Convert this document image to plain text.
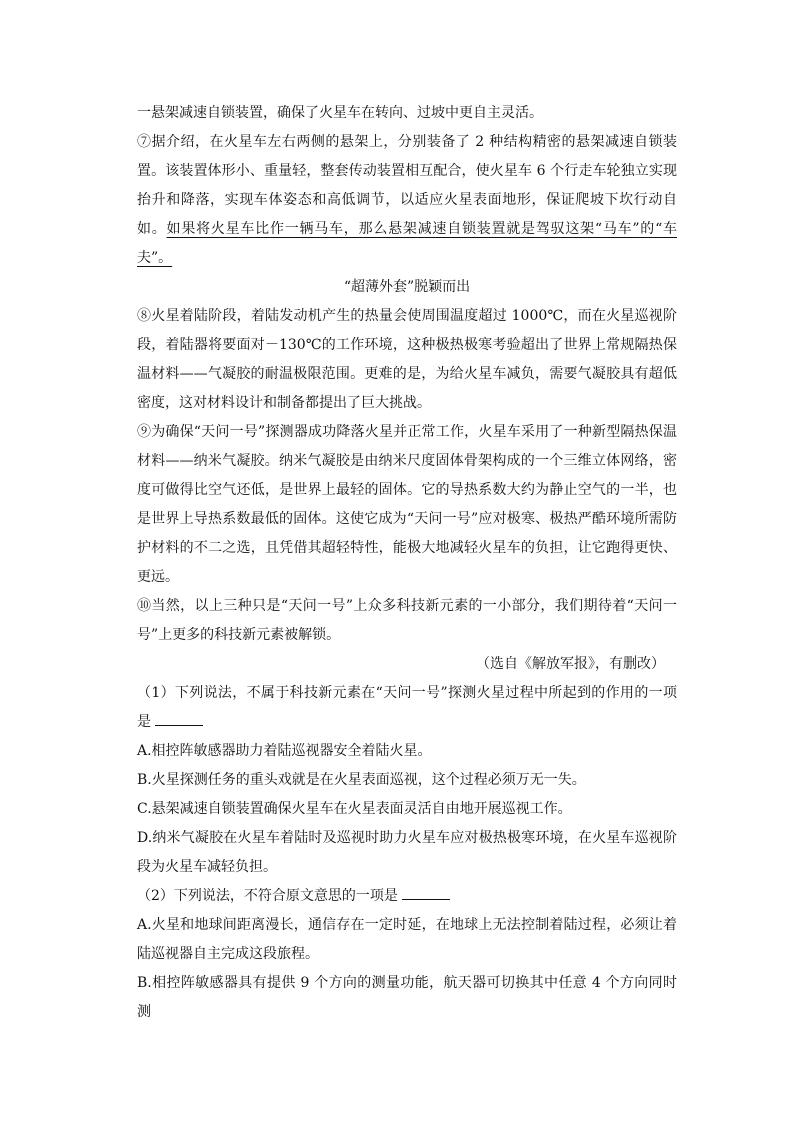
一悬架减速自锁装置，确保了火星车在转向、过坡中更自主灵活。

⑦据介绍，在火星车左右两侧的悬架上，分别装备了 2 种结构精密的悬架减速自锁装置。该装置体形小、重量轻，整套传动装置相互配合，使火星车 6 个行走车轮独立实现抬升和降落，实现车体姿态和高低调节，以适应火星表面地形，保证爬坡下坎行动自如。如果将火星车比作一辆马车，那么悬架减速自锁装置就是驾驭这架“马车”的“车夫”。

“超薄外套”脱颖而出

⑧火星着陆阶段，着陆发动机产生的热量会使周围温度超过 1000℃，而在火星巡视阶段，着陆器将要面对－130℃的工作环境，这种极热极寒考验超出了世界上常规隔热保温材料——气凝胶的耐温极限范围。更难的是，为给火星车减负，需要气凝胶具有超低密度，这对材料设计和制备都提出了巨大挑战。

⑨为确保“天问一号”探测器成功降落火星并正常工作，火星车采用了一种新型隔热保温材料——纳米气凝胶。纳米气凝胶是由纳米尺度固体骨架构成的一个三维立体网络，密度可做得比空气还低，是世界上最轻的固体。它的导热系数大约为静止空气的一半，也是世界上导热系数最低的固体。这使它成为“天问一号”应对极寒、极热严酷环境所需防护材料的不二之选，且凭借其超轻特性，能极大地减轻火星车的负担，让它跑得更快、更远。

⑩当然，以上三种只是“天问一号”上众多科技新元素的一小部分，我们期待着“天问一号”上更多的科技新元素被解锁。

（选自《解放军报》，有删改）

（1）下列说法，不属于科技新元素在“天问一号”探测火星过程中所起到的作用的一项是

A.相控阵敏感器助力着陆巡视器安全着陆火星。

B.火星探测任务的重头戏就是在火星表面巡视，这个过程必须万无一失。

C.悬架减速自锁装置确保火星车在火星表面灵活自由地开展巡视工作。

D.纳米气凝胶在火星车着陆时及巡视时助力火星车应对极热极寒环境，在火星车巡视阶段为火星车减轻负担。

（2）下列说法，不符合原文意思的一项是

A.火星和地球间距离漫长，通信存在一定时延，在地球上无法控制着陆过程，必须让着陆巡视器自主完成这段旅程。

B.相控阵敏感器具有提供 9 个方向的测量功能，航天器可切换其中任意 4 个方向同时测
